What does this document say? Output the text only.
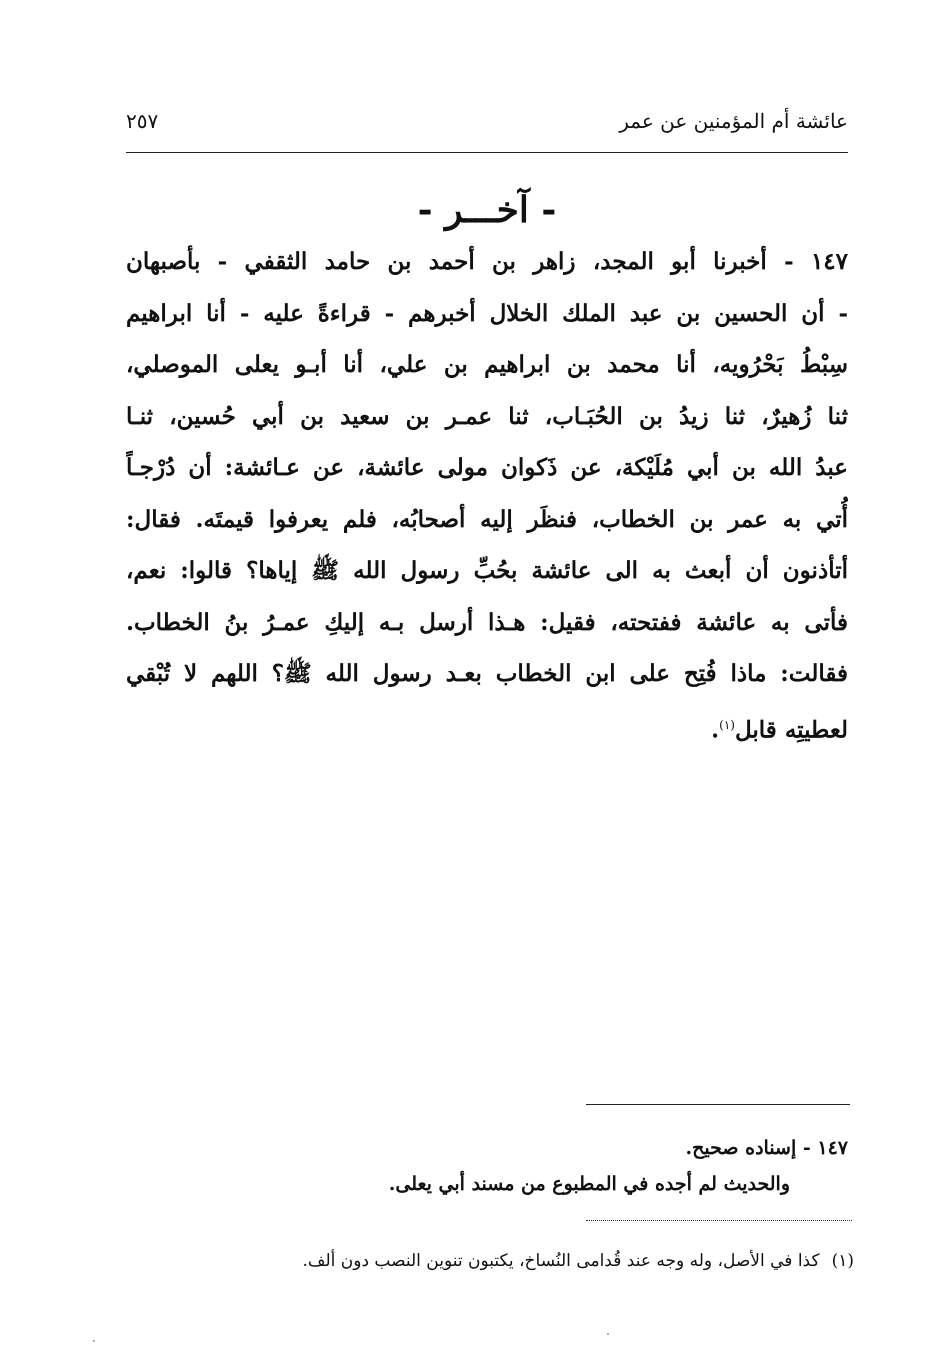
عائشة أم المؤمنين عن عمر
٢٥٧
- آخـــر -
١٤٧ - أخبرنا أبو المجد، زاهر بن أحمد بن حامد الثقفي - بأصبهان
- أن الحسين بن عبد الملك الخلال أخبرهم - قراءةً عليه - أنا ابراهيم
سِبْطُ بَحْرُويه، أنا محمد بن ابراهيم بن علي، أنا أبـو يعلى الموصلي،
ثنا زُهيرٌ، ثنا زيدُ بن الحُبَـاب، ثنا عمـر بن سعيد بن أبي حُسين، ثنـا
عبدُ الله بن أبي مُلَيْكة، عن ذَكوان مولى عائشة، عن عـائشة: أن دُرْجـاً
أُتي به عمر بن الخطاب، فنظَر إليه أصحابُه، فلم يعرفوا قيمتَه. فقال:
أتأذنون أن أبعث به الى عائشة بحُبِّ رسول الله ﷺ إياها؟ قالوا: نعم،
فأتى به عائشة ففتحته، فقيل: هـذا أرسل بـه إليكِ عمـرُ بنُ الخطاب.
فقالت: ماذا فُتِح على ابن الخطاب بعـد رسول الله ﷺ؟ اللهم لا تُبْقي
لعطيتِه قابل$^{(١)}$.
١٤٧ - إسناده صحيح.
والحديث لم أجده في المطبوع من مسند أبي يعلى.
(١)كذا في الأصل، وله وجه عند قُدامى النُساخ، يكتبون تنوين النصب دون ألف.
